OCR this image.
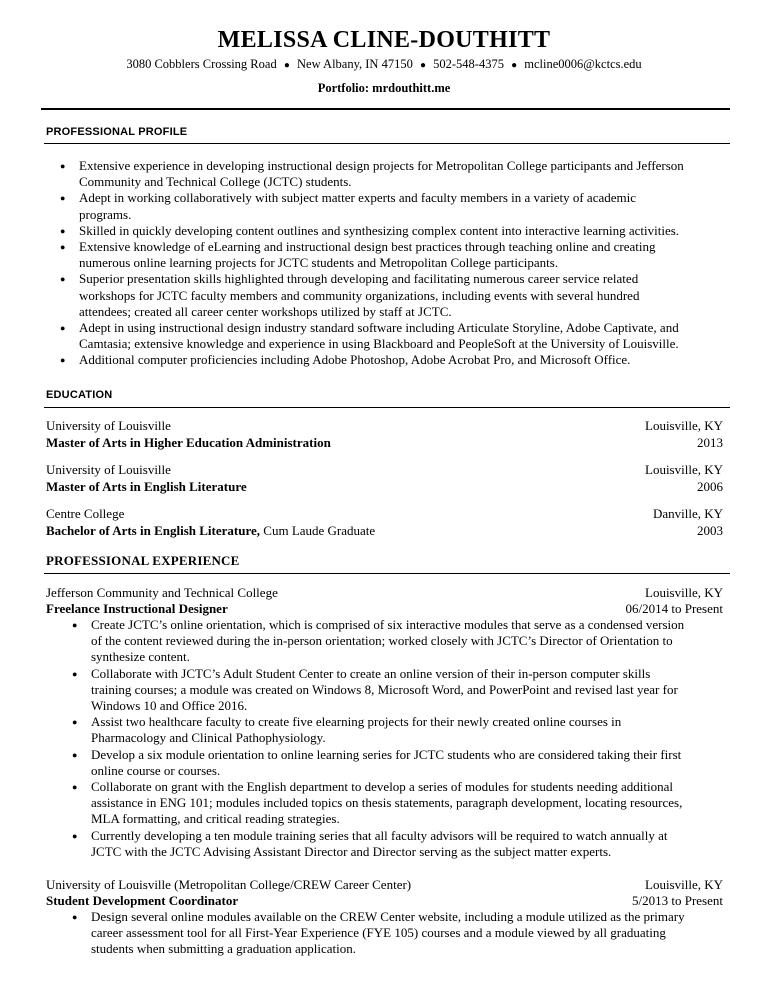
MELISSA CLINE-DOUTHITT
3080 Cobblers Crossing Road ● New Albany, IN 47150 ● 502-548-4375 ● mcline0006@kctcs.edu
Portfolio: mrdouthitt.me
PROFESSIONAL PROFILE
● Extensive experience in developing instructional design projects for Metropolitan College participants and Jefferson
Community and Technical College (JCTC) students.
● Adept in working collaboratively with subject matter experts and faculty members in a variety of academic
programs.
● Skilled in quickly developing content outlines and synthesizing complex content into interactive learning activities.
● Extensive knowledge of eLearning and instructional design best practices through teaching online and creating
numerous online learning projects for JCTC students and Metropolitan College participants.
● Superior presentation skills highlighted through developing and facilitating numerous career service related
workshops for JCTC faculty members and community organizations, including events with several hundred
attendees; created all career center workshops utilized by staff at JCTC.
● Adept in using instructional design industry standard software including Articulate Storyline, Adobe Captivate, and
Camtasia; extensive knowledge and experience in using Blackboard and PeopleSoft at the University of Louisville.
● Additional computer proficiencies including Adobe Photoshop, Adobe Acrobat Pro, and Microsoft Office.
EDUCATION
University of Louisville	Louisville, KY
Master of Arts in Higher Education Administration	2013
University of Louisville	Louisville, KY
Master of Arts in English Literature	2006
Centre College	Danville, KY
Bachelor of Arts in English Literature, Cum Laude Graduate	2003
PROFESSIONAL EXPERIENCE
Jefferson Community and Technical College	Louisville, KY
Freelance Instructional Designer	06/2014 to Present
● Create JCTC’s online orientation, which is comprised of six interactive modules that serve as a condensed version
of the content reviewed during the in-person orientation; worked closely with JCTC’s Director of Orientation to
synthesize content.
● Collaborate with JCTC’s Adult Student Center to create an online version of their in-person computer skills
training courses; a module was created on Windows 8, Microsoft Word, and PowerPoint and revised last year for
Windows 10 and Office 2016.
● Assist two healthcare faculty to create five elearning projects for their newly created online courses in
Pharmacology and Clinical Pathophysiology.
● Develop a six module orientation to online learning series for JCTC students who are considered taking their first
online course or courses.
● Collaborate on grant with the English department to develop a series of modules for students needing additional
assistance in ENG 101; modules included topics on thesis statements, paragraph development, locating resources,
MLA formatting, and critical reading strategies.
● Currently developing a ten module training series that all faculty advisors will be required to watch annually at
JCTC with the JCTC Advising Assistant Director and Director serving as the subject matter experts.
University of Louisville (Metropolitan College/CREW Career Center)	Louisville, KY
Student Development Coordinator	5/2013 to Present
● Design several online modules available on the CREW Center website, including a module utilized as the primary
career assessment tool for all First-Year Experience (FYE 105) courses and a module viewed by all graduating
students when submitting a graduation application.
